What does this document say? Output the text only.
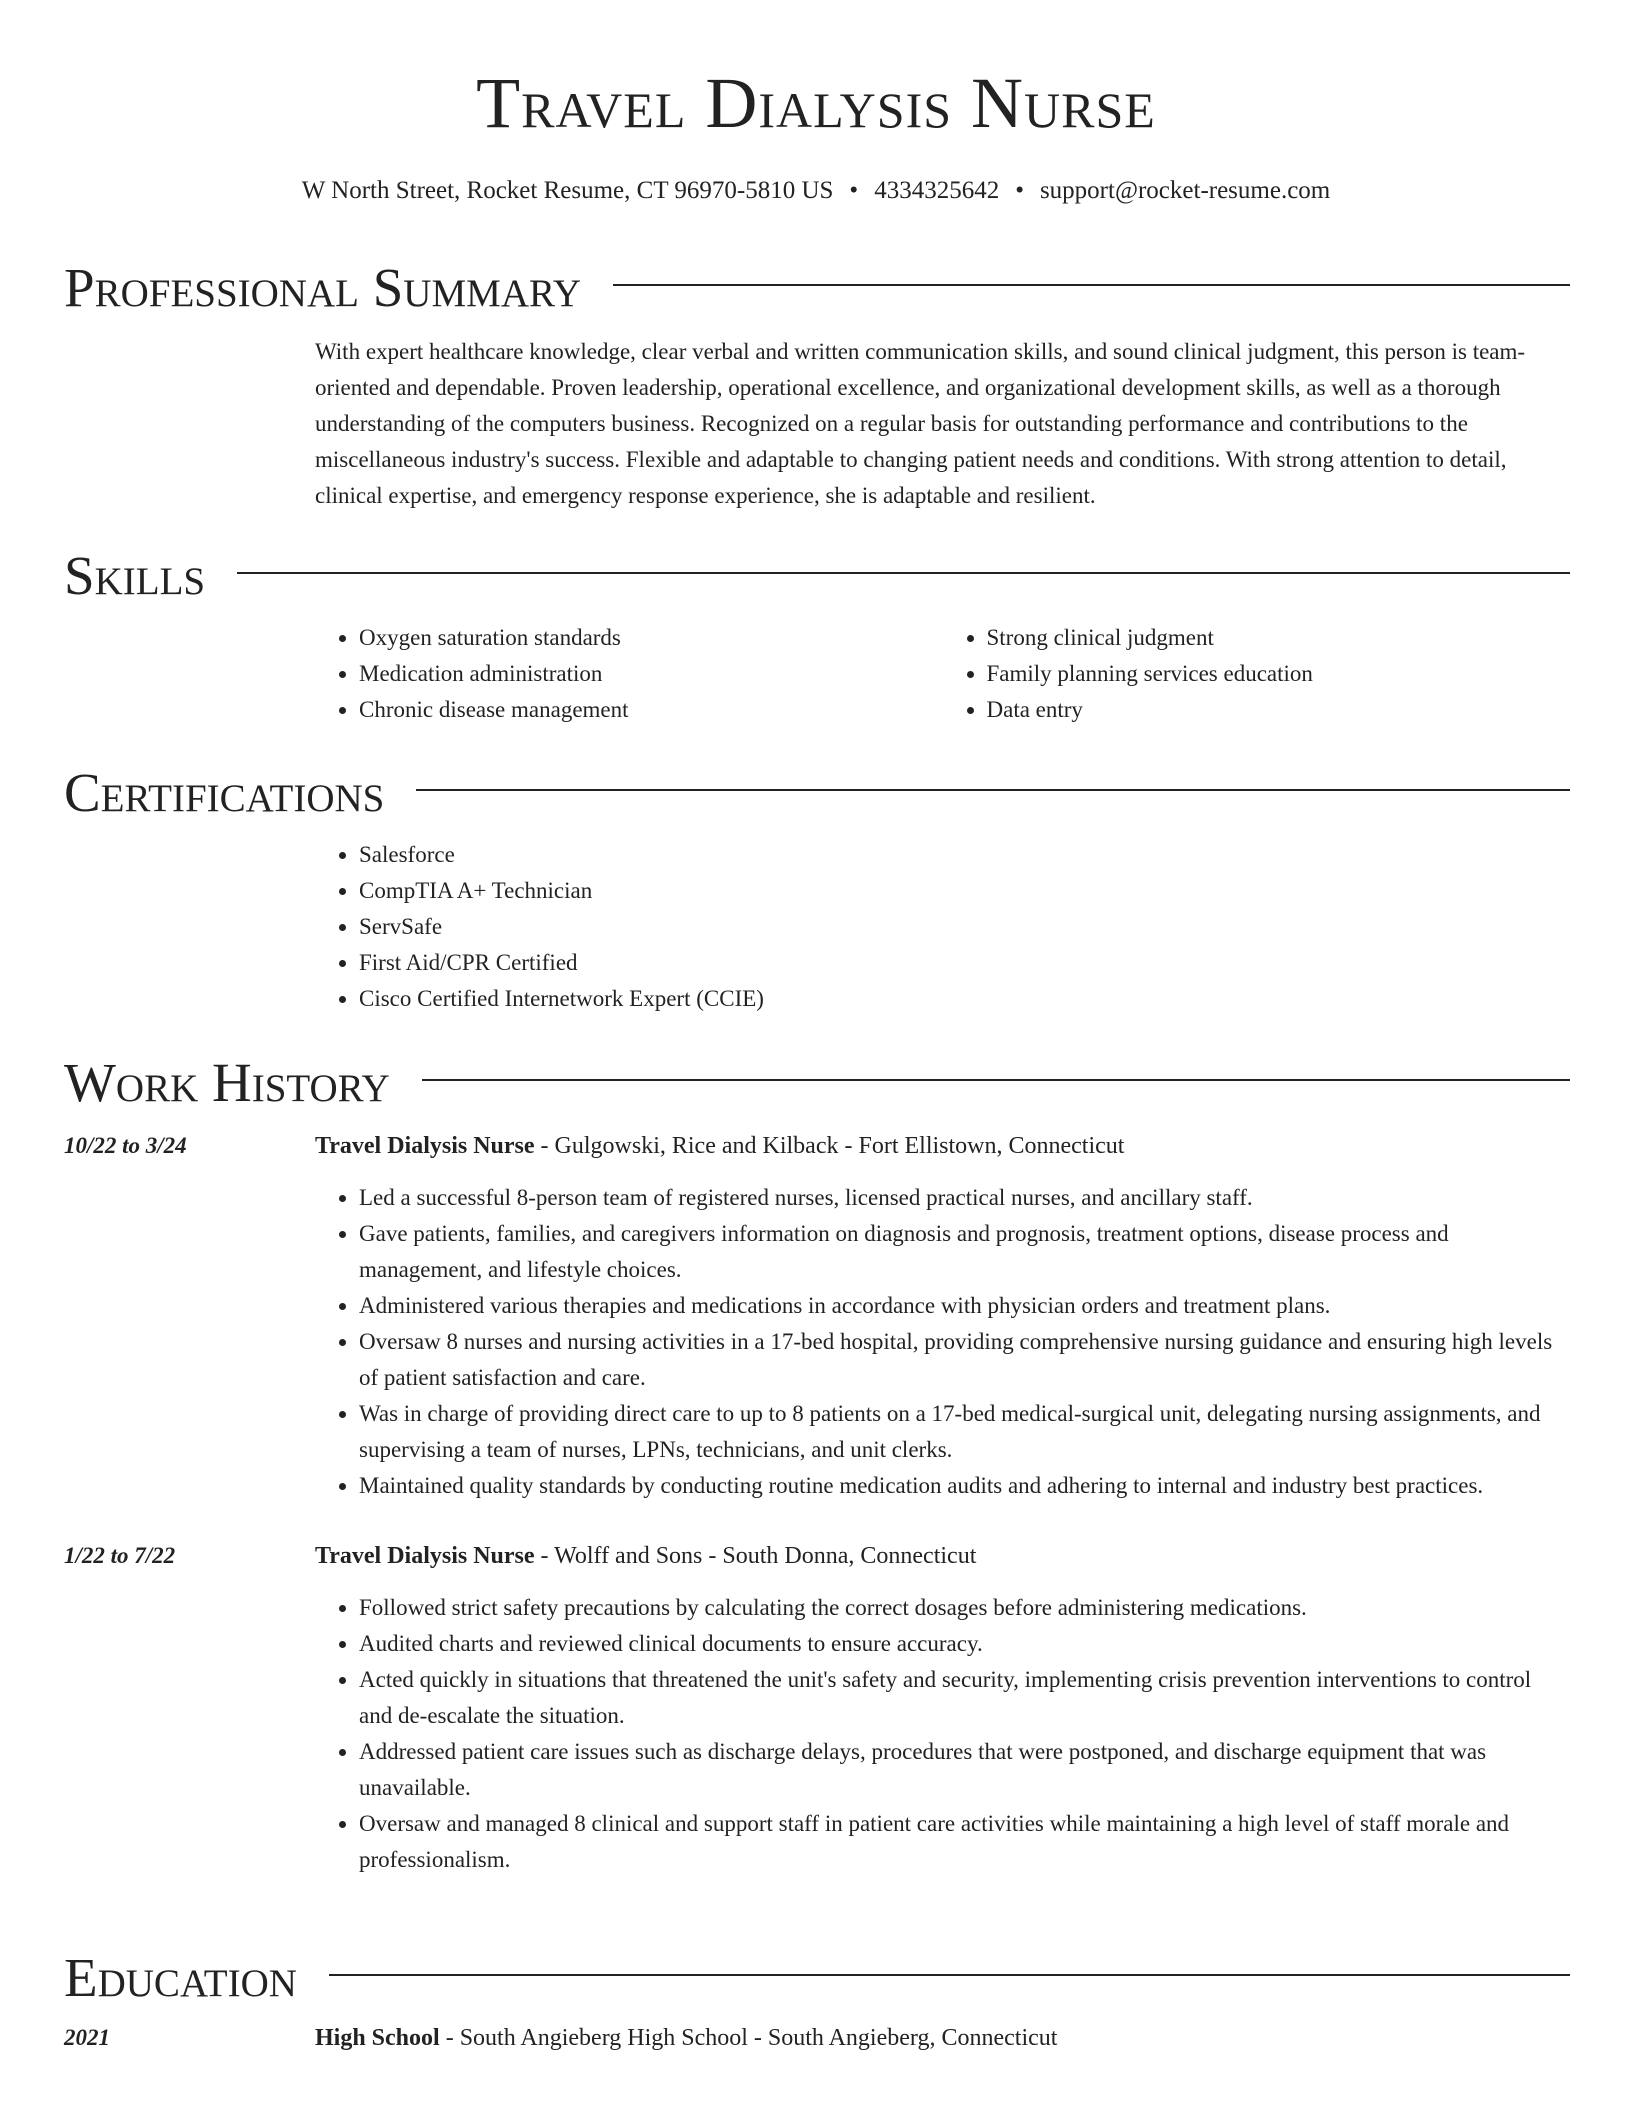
Travel Dialysis Nurse
W North Street, Rocket Resume, CT 96970-5810 US • 4334325642 • support@rocket-resume.com
Professional Summary
With expert healthcare knowledge, clear verbal and written communication skills, and sound clinical judgment, this person is team-oriented and dependable. Proven leadership, operational excellence, and organizational development skills, as well as a thorough understanding of the computers business. Recognized on a regular basis for outstanding performance and contributions to the miscellaneous industry's success. Flexible and adaptable to changing patient needs and conditions. With strong attention to detail, clinical expertise, and emergency response experience, she is adaptable and resilient.
Skills
• Oxygen saturation standards
• Medication administration
• Chronic disease management
• Strong clinical judgment
• Family planning services education
• Data entry
Certifications
• Salesforce
• CompTIA A+ Technician
• ServSafe
• First Aid/CPR Certified
• Cisco Certified Internetwork Expert (CCIE)
Work History
10/22 to 3/24	Travel Dialysis Nurse - Gulgowski, Rice and Kilback - Fort Ellistown, Connecticut
• Led a successful 8-person team of registered nurses, licensed practical nurses, and ancillary staff.
• Gave patients, families, and caregivers information on diagnosis and prognosis, treatment options, disease process and management, and lifestyle choices.
• Administered various therapies and medications in accordance with physician orders and treatment plans.
• Oversaw 8 nurses and nursing activities in a 17-bed hospital, providing comprehensive nursing guidance and ensuring high levels of patient satisfaction and care.
• Was in charge of providing direct care to up to 8 patients on a 17-bed medical-surgical unit, delegating nursing assignments, and supervising a team of nurses, LPNs, technicians, and unit clerks.
• Maintained quality standards by conducting routine medication audits and adhering to internal and industry best practices.
1/22 to 7/22	Travel Dialysis Nurse - Wolff and Sons - South Donna, Connecticut
• Followed strict safety precautions by calculating the correct dosages before administering medications.
• Audited charts and reviewed clinical documents to ensure accuracy.
• Acted quickly in situations that threatened the unit's safety and security, implementing crisis prevention interventions to control and de-escalate the situation.
• Addressed patient care issues such as discharge delays, procedures that were postponed, and discharge equipment that was unavailable.
• Oversaw and managed 8 clinical and support staff in patient care activities while maintaining a high level of staff morale and professionalism.
Education
2021	High School - South Angieberg High School - South Angieberg, Connecticut
